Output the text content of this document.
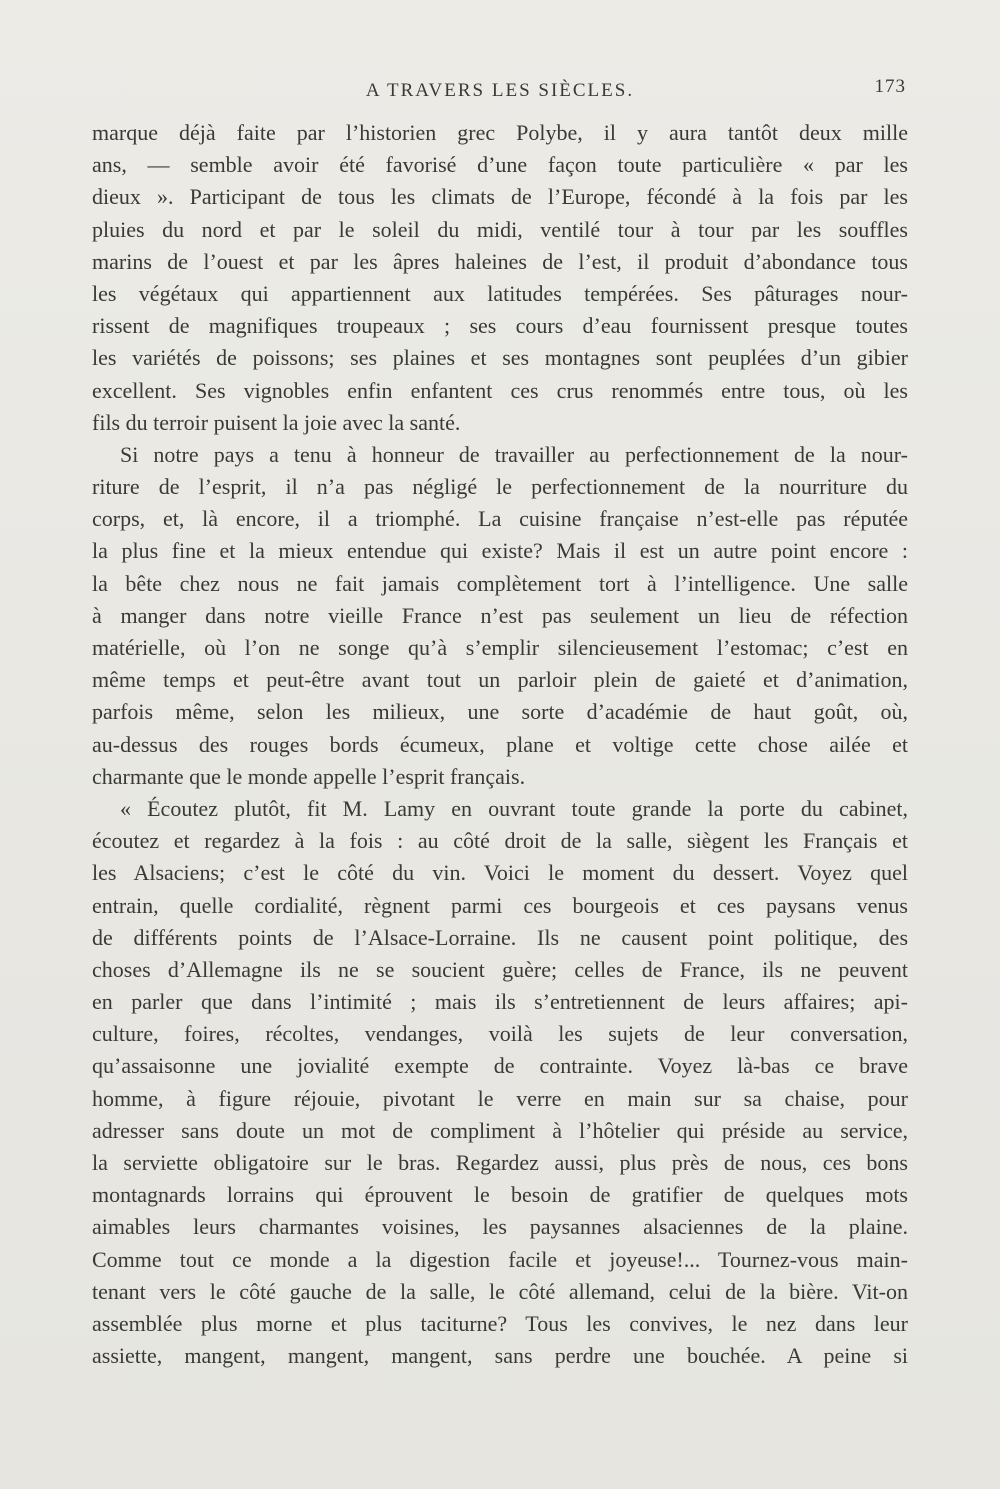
A TRAVERS LES SIÈCLES.	173
marque déjà faite par l’historien grec Polybe, il y aura tantôt deux mille
ans, — semble avoir été favorisé d’une façon toute particulière « par les
dieux ». Participant de tous les climats de l’Europe, fécondé à la fois par les
pluies du nord et par le soleil du midi, ventilé tour à tour par les souffles
marins de l’ouest et par les âpres haleines de l’est, il produit d’abondance tous
les végétaux qui appartiennent aux latitudes tempérées. Ses pâturages nour-
rissent de magnifiques troupeaux ; ses cours d’eau fournissent presque toutes
les variétés de poissons; ses plaines et ses montagnes sont peuplées d’un gibier
excellent. Ses vignobles enfin enfantent ces crus renommés entre tous, où les
fils du terroir puisent la joie avec la santé.
Si notre pays a tenu à honneur de travailler au perfectionnement de la nour-
riture de l’esprit, il n’a pas négligé le perfectionnement de la nourriture du
corps, et, là encore, il a triomphé. La cuisine française n’est-elle pas réputée
la plus fine et la mieux entendue qui existe? Mais il est un autre point encore :
la bête chez nous ne fait jamais complètement tort à l’intelligence. Une salle
à manger dans notre vieille France n’est pas seulement un lieu de réfection
matérielle, où l’on ne songe qu’à s’emplir silencieusement l’estomac; c’est en
même temps et peut-être avant tout un parloir plein de gaieté et d’animation,
parfois même, selon les milieux, une sorte d’académie de haut goût, où,
au-dessus des rouges bords écumeux, plane et voltige cette chose ailée et
charmante que le monde appelle l’esprit français.
« Écoutez plutôt, fit M. Lamy en ouvrant toute grande la porte du cabinet,
écoutez et regardez à la fois : au côté droit de la salle, siègent les Français et
les Alsaciens; c’est le côté du vin. Voici le moment du dessert. Voyez quel
entrain, quelle cordialité, règnent parmi ces bourgeois et ces paysans venus
de différents points de l’Alsace-Lorraine. Ils ne causent point politique, des
choses d’Allemagne ils ne se soucient guère; celles de France, ils ne peuvent
en parler que dans l’intimité ; mais ils s’entretiennent de leurs affaires; api-
culture, foires, récoltes, vendanges, voilà les sujets de leur conversation,
qu’assaisonne une jovialité exempte de contrainte. Voyez là-bas ce brave
homme, à figure réjouie, pivotant le verre en main sur sa chaise, pour
adresser sans doute un mot de compliment à l’hôtelier qui préside au service,
la serviette obligatoire sur le bras. Regardez aussi, plus près de nous, ces bons
montagnards lorrains qui éprouvent le besoin de gratifier de quelques mots
aimables leurs charmantes voisines, les paysannes alsaciennes de la plaine.
Comme tout ce monde a la digestion facile et joyeuse!... Tournez-vous main-
tenant vers le côté gauche de la salle, le côté allemand, celui de la bière. Vit-on
assemblée plus morne et plus taciturne? Tous les convives, le nez dans leur
assiette, mangent, mangent, mangent, sans perdre une bouchée. A peine si
